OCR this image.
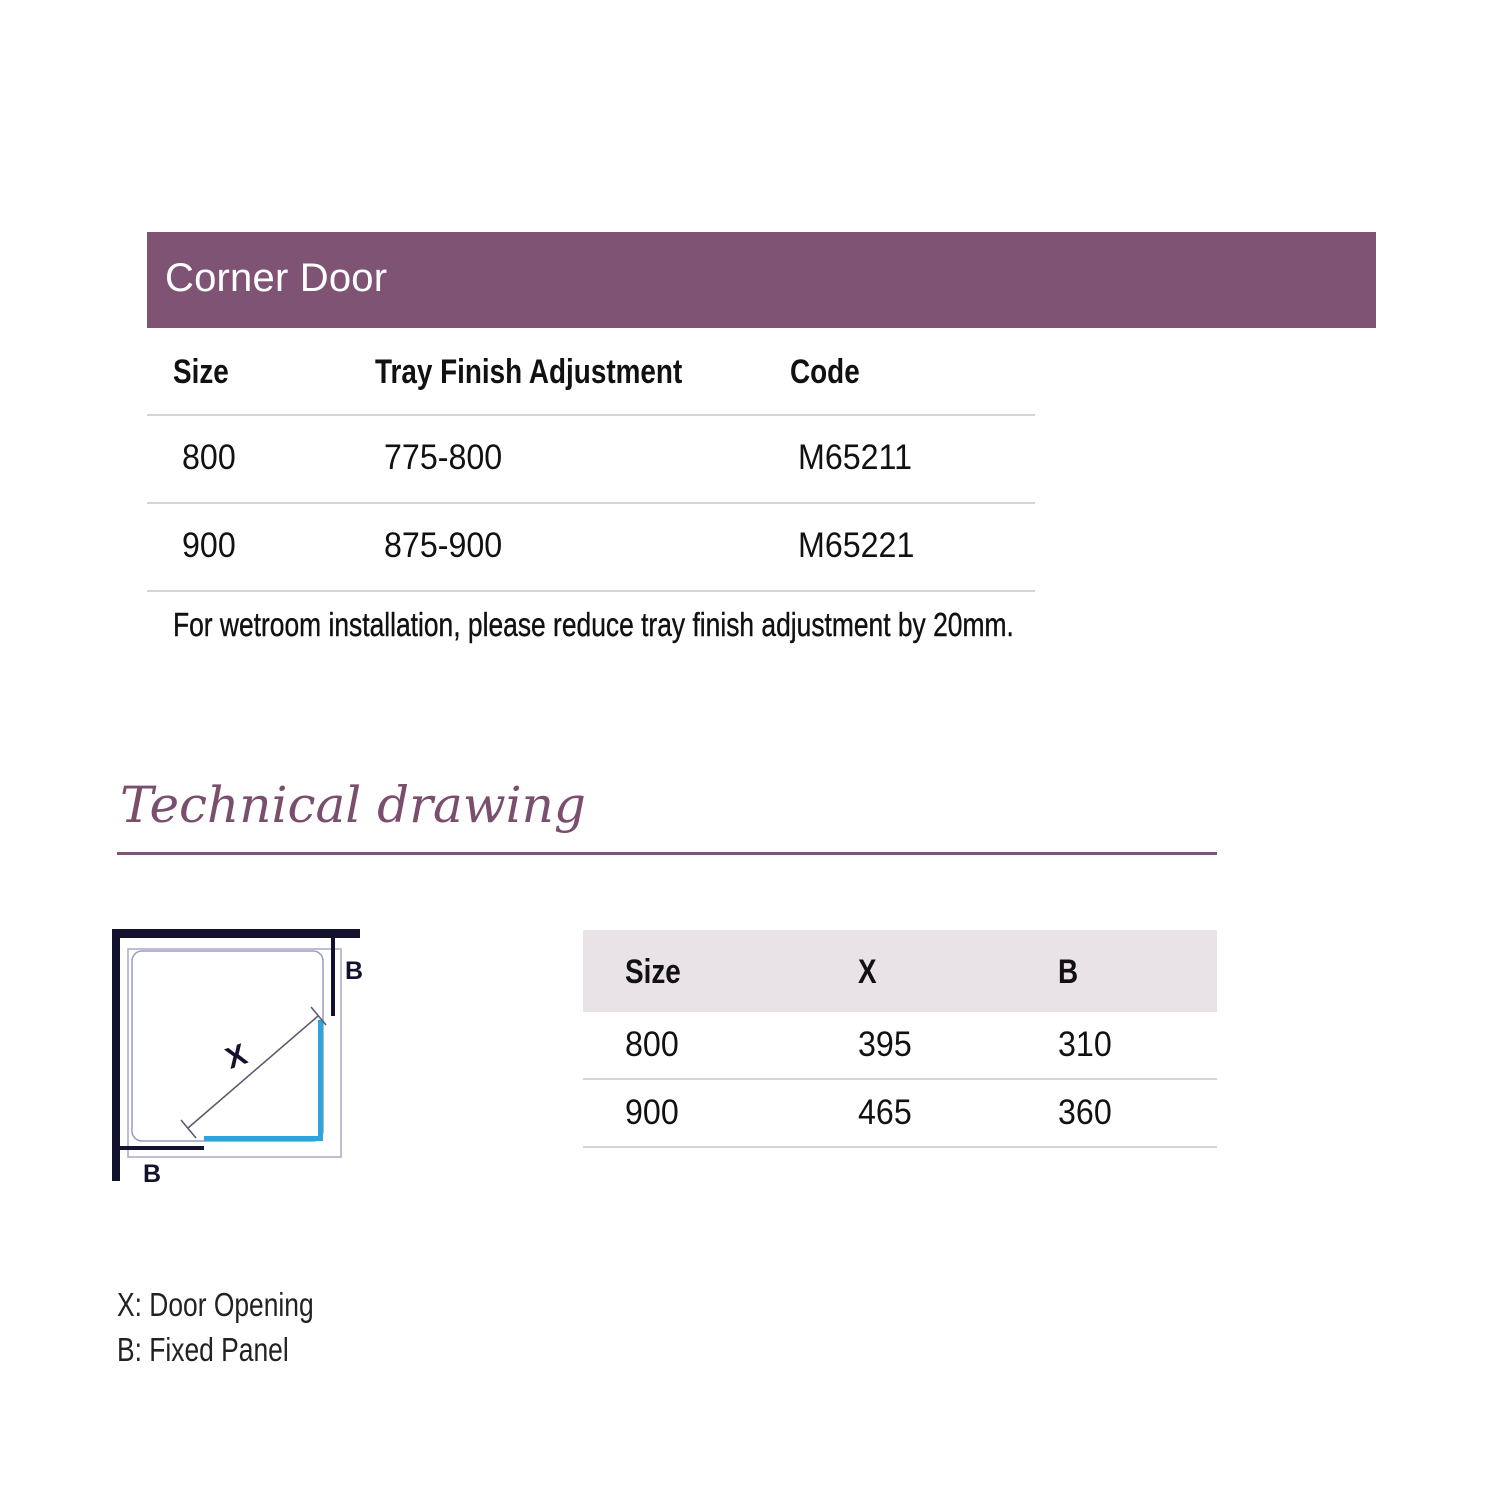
Corner Door
Size	Tray Finish Adjustment	Code
800	775-800	M65211
900	875-900	M65221
For wetroom installation, please reduce tray finish adjustment by 20mm.
Technical drawing
X
B
B
Size	X	B
800	395	310
900	465	360
X: Door Opening
B: Fixed Panel
